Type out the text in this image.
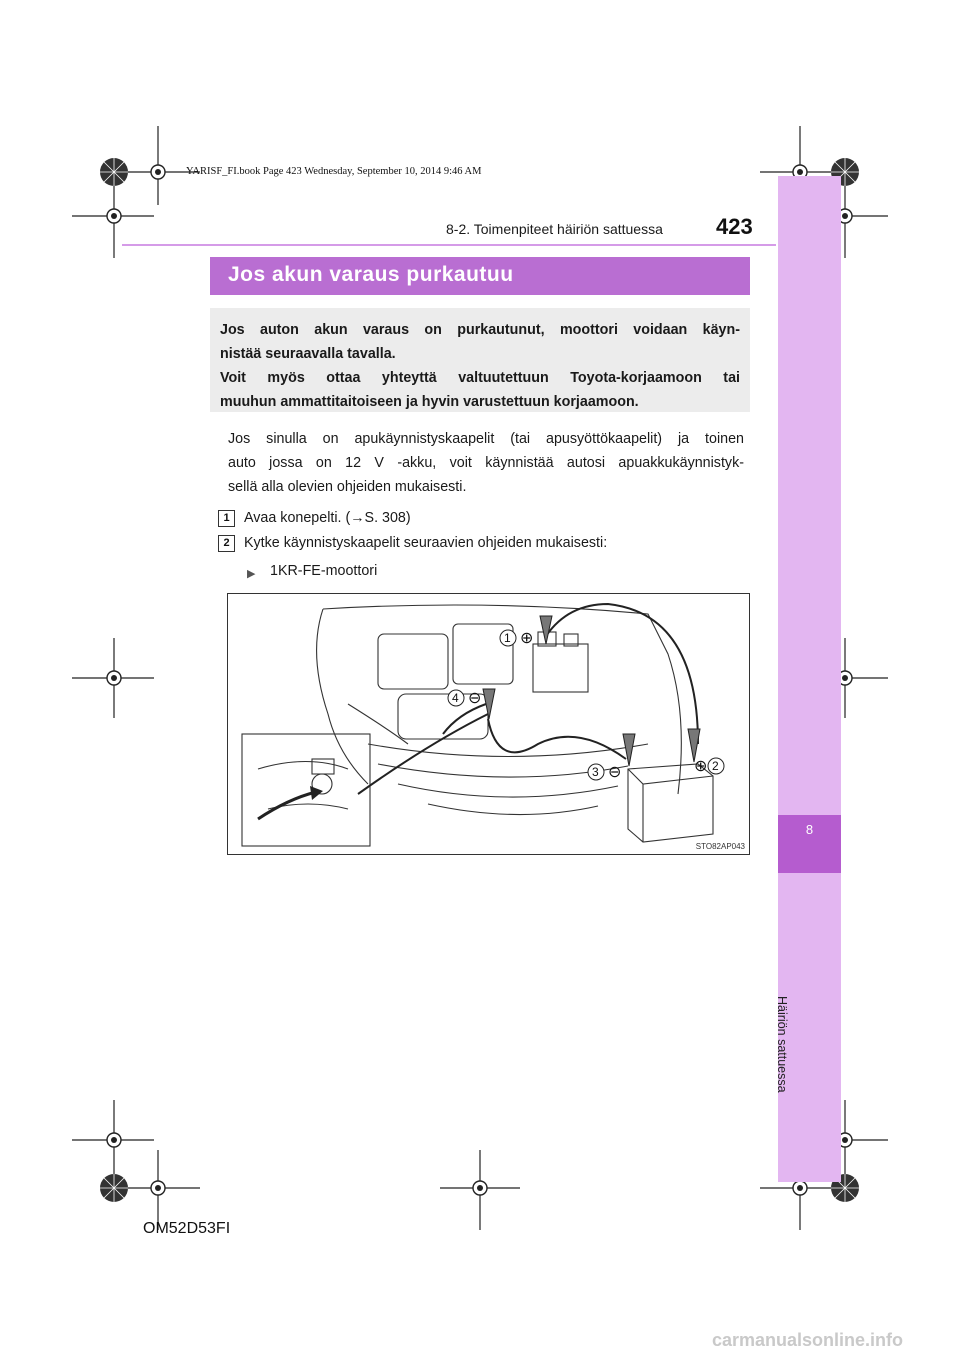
YARISF_FI.book Page 423 Wednesday, September 10, 2014 9:46 AM
8
Häiriön sattuessa
8-2. Toimenpiteet häiriön sattuessa 423
Jos akun varaus purkautuu
Jos auton akun varaus on purkautunut, moottori voidaan käyn-
nistää seuraavalla tavalla.
Voit myös ottaa yhteyttä valtuutettuun Toyota-korjaamoon tai
muuhun ammattitaitoiseen ja hyvin varustettuun korjaamoon.
Jos sinulla on apukäynnistyskaapelit (tai apusyöttökaapelit) ja toinen
auto jossa on 12 V -akku, voit käynnistää autosi apuakkukäynnistyk-
sellä alla olevien ohjeiden mukaisesti.
1	Avaa konepelti. (→S. 308)
2	Kytke käynnistyskaapelit seuraavien ohjeiden mukaisesti:
▶ 1KR-FE-moottori
1 ⊕
2
⊕
3 ⊖
4 ⊖
STO82AP043
OM52D53FI
carmanualsonline.info
